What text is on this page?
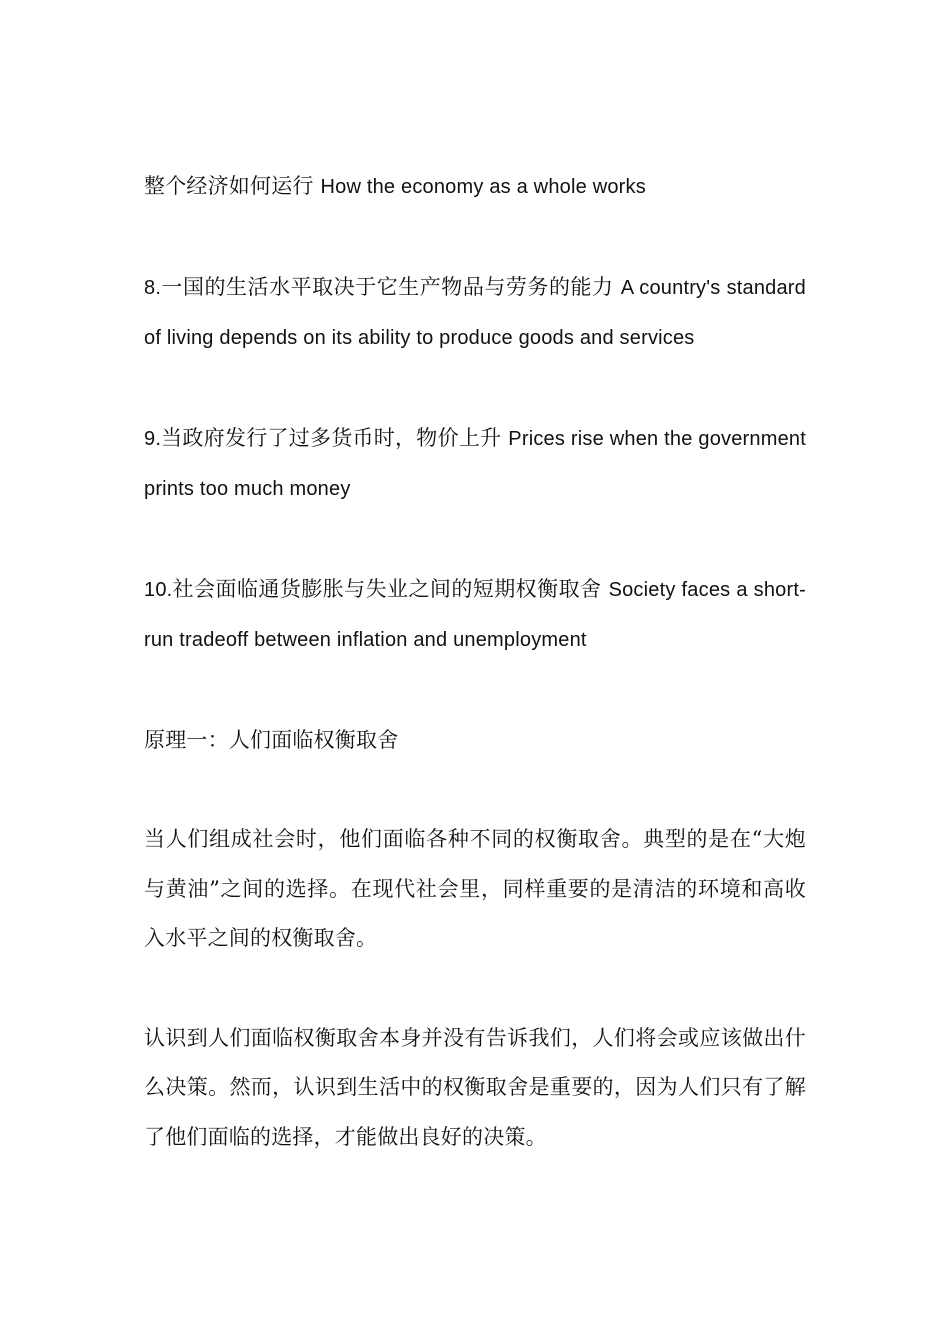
整个经济如何运行 How the economy as a whole works

8.一国的生活水平取决于它生产物品与劳务的能力 A country's standard of living depends on its ability to produce goods and services

9.当政府发行了过多货币时，物价上升 Prices rise when the government prints too much money

10.社会面临通货膨胀与失业之间的短期权衡取舍 Society faces a short-run tradeoff between inflation and unemployment

原理一：人们面临权衡取舍

当人们组成社会时，他们面临各种不同的权衡取舍。典型的是在“大炮与黄油”之间的选择。在现代社会里，同样重要的是清洁的环境和高收入水平之间的权衡取舍。

认识到人们面临权衡取舍本身并没有告诉我们，人们将会或应该做出什么决策。然而，认识到生活中的权衡取舍是重要的，因为人们只有了解了他们面临的选择，才能做出良好的决策。
